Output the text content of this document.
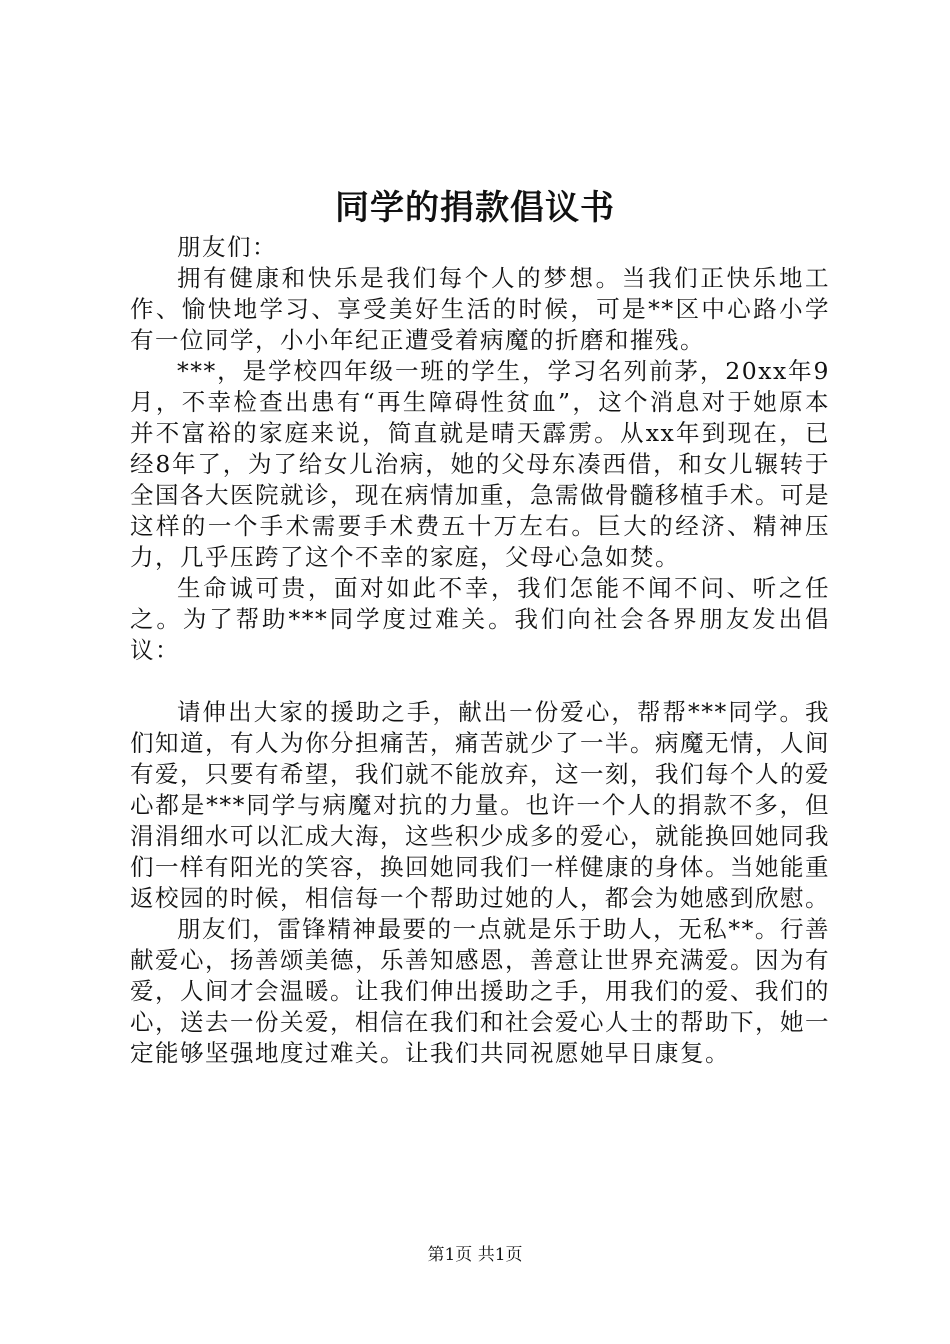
同学的捐款倡议书

朋友们：

拥有健康和快乐是我们每个人的梦想。当我们正快乐地工作、愉快地学习、享受美好生活的时候，可是**区中心路小学有一位同学，小小年纪正遭受着病魔的折磨和摧残。

***，是学校四年级一班的学生，学习名列前茅，20xx年9月，不幸检查出患有“再生障碍性贫血”，这个消息对于她原本并不富裕的家庭来说，简直就是晴天霹雳。从xx年到现在，已经8年了，为了给女儿治病，她的父母东凑西借，和女儿辗转于全国各大医院就诊，现在病情加重，急需做骨髓移植手术。可是这样的一个手术需要手术费五十万左右。巨大的经济、精神压力，几乎压跨了这个不幸的家庭，父母心急如焚。

生命诚可贵，面对如此不幸，我们怎能不闻不问、听之任之。为了帮助***同学度过难关。我们向社会各界朋友发出倡议：

请伸出大家的援助之手，献出一份爱心，帮帮***同学。我们知道，有人为你分担痛苦，痛苦就少了一半。病魔无情，人间有爱，只要有希望，我们就不能放弃，这一刻，我们每个人的爱心都是***同学与病魔对抗的力量。也许一个人的捐款不多，但涓涓细水可以汇成大海，这些积少成多的爱心，就能换回她同我们一样有阳光的笑容，换回她同我们一样健康的身体。当她能重返校园的时候，相信每一个帮助过她的人，都会为她感到欣慰。

朋友们，雷锋精神最要的一点就是乐于助人，无私**。行善献爱心，扬善颂美德，乐善知感恩，善意让世界充满爱。因为有爱，人间才会温暖。让我们伸出援助之手，用我们的爱、我们的心，送去一份关爱，相信在我们和社会爱心人士的帮助下，她一定能够坚强地度过难关。让我们共同祝愿她早日康复。

第1页 共1页
